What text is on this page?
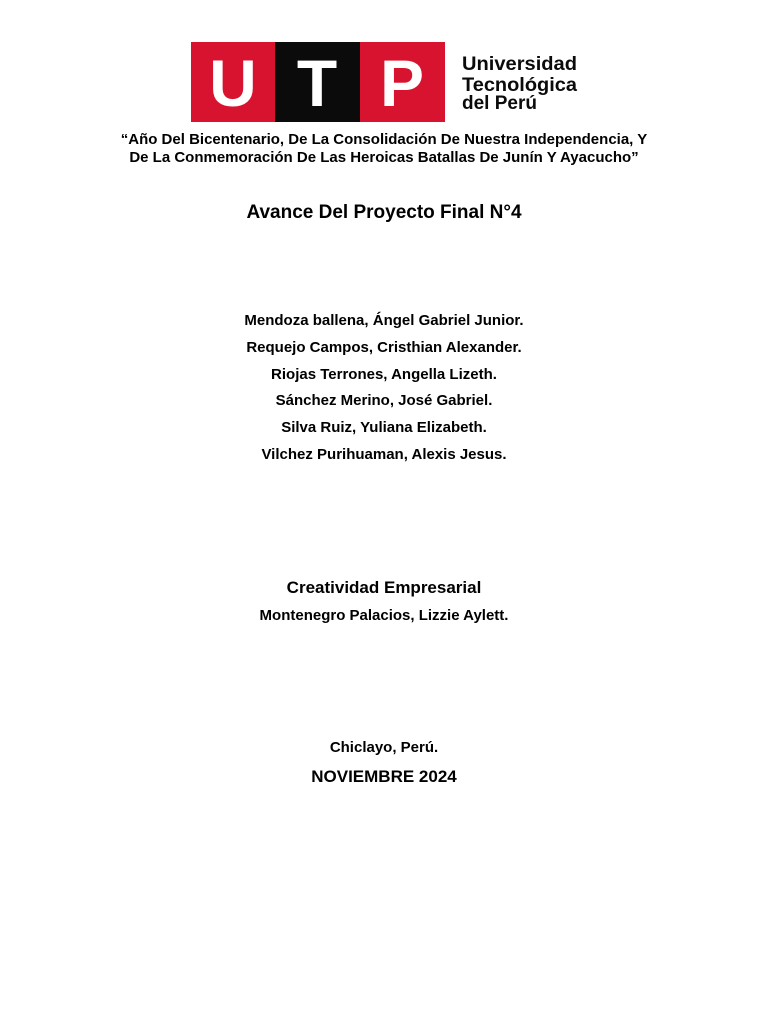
U T P Universidad
Tecnológica
del Perú
“Año Del Bicentenario, De La Consolidación De Nuestra Independencia, Y
De La Conmemoración De Las Heroicas Batallas De Junín Y Ayacucho”
Avance Del Proyecto Final N°4
Mendoza ballena, Ángel Gabriel Junior.
Requejo Campos, Cristhian Alexander.
Riojas Terrones, Angella Lizeth.
Sánchez Merino, José Gabriel.
Silva Ruiz, Yuliana Elizabeth.
Vilchez Purihuaman, Alexis Jesus.
Creatividad Empresarial
Montenegro Palacios, Lizzie Aylett.
Chiclayo, Perú.
NOVIEMBRE 2024
